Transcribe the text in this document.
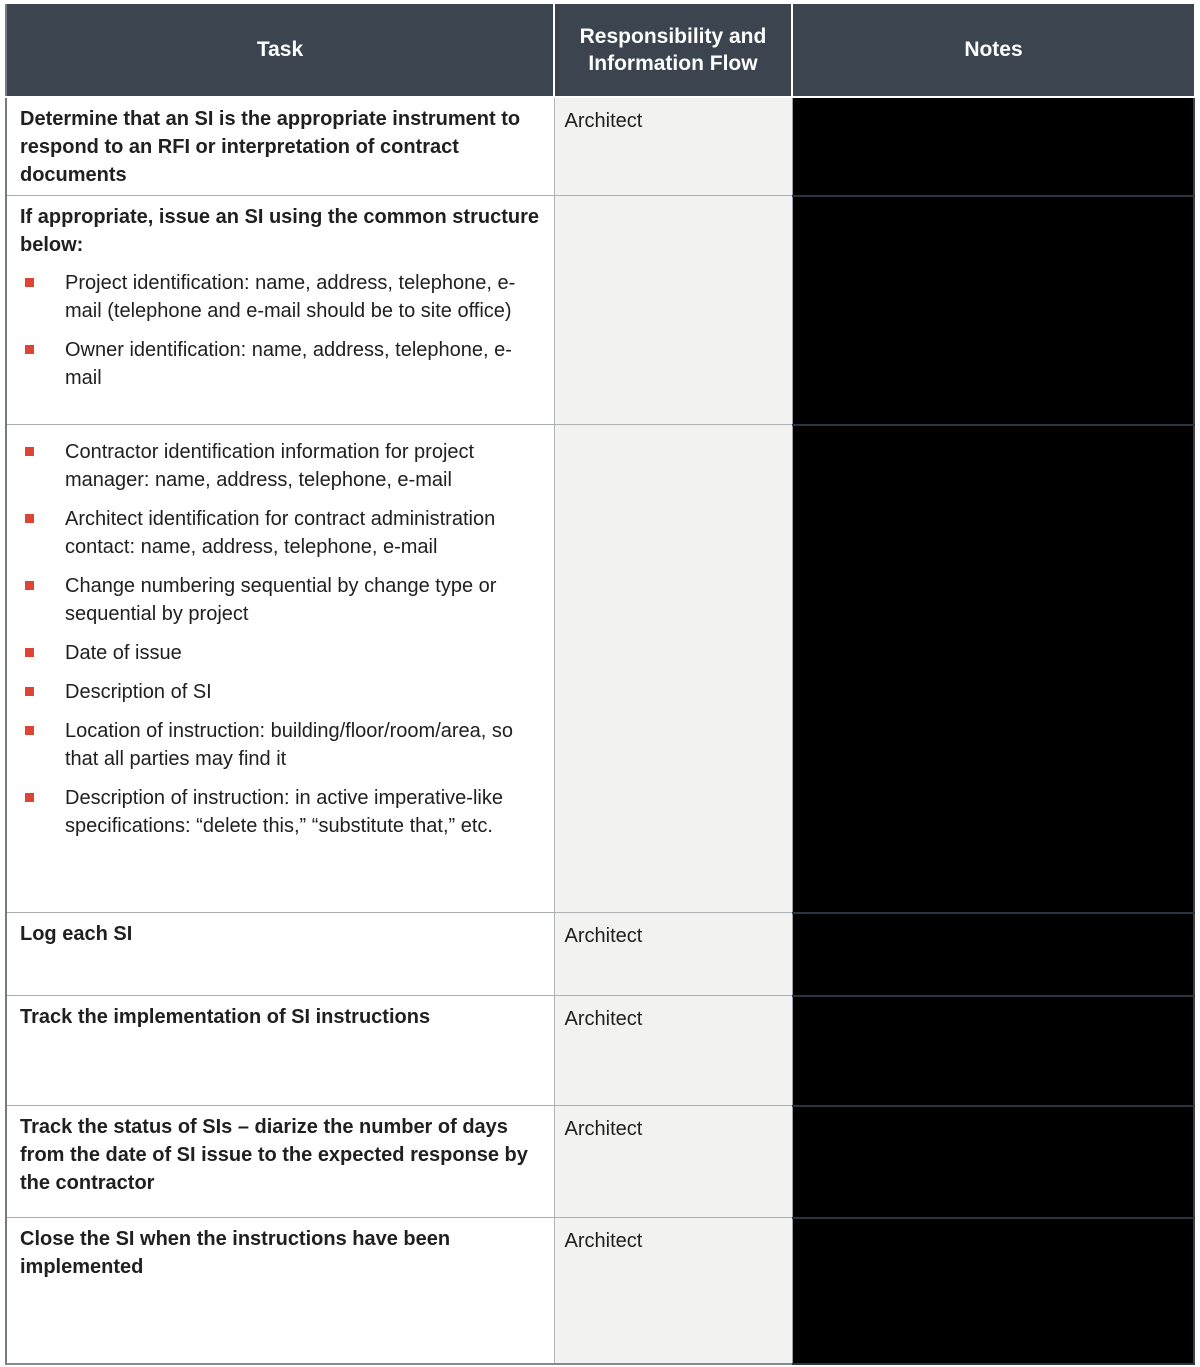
Task	Responsibility and Information Flow	Notes

Determine that an SI is the appropriate instrument to respond to an RFI or interpretation of contract documents	Architect	

If appropriate, issue an SI using the common structure below:
Project identification: name, address, telephone, e-mail (telephone and e-mail should be to site office)
Owner identification: name, address, telephone, e-mail

Contractor identification information for project manager: name, address, telephone, e-mail
Architect identification for contract administration contact: name, address, telephone, e-mail
Change numbering sequential by change type or sequential by project
Date of issue
Description of SI
Location of instruction: building/floor/room/area, so that all parties may find it
Description of instruction: in active imperative-like specifications: “delete this,” “substitute that,” etc.

Log each SI	Architect	

Track the implementation of SI instructions	Architect	

Track the status of SIs – diarize the number of days from the date of SI issue to the expected response by the contractor	Architect	

Close the SI when the instructions have been implemented	Architect	
